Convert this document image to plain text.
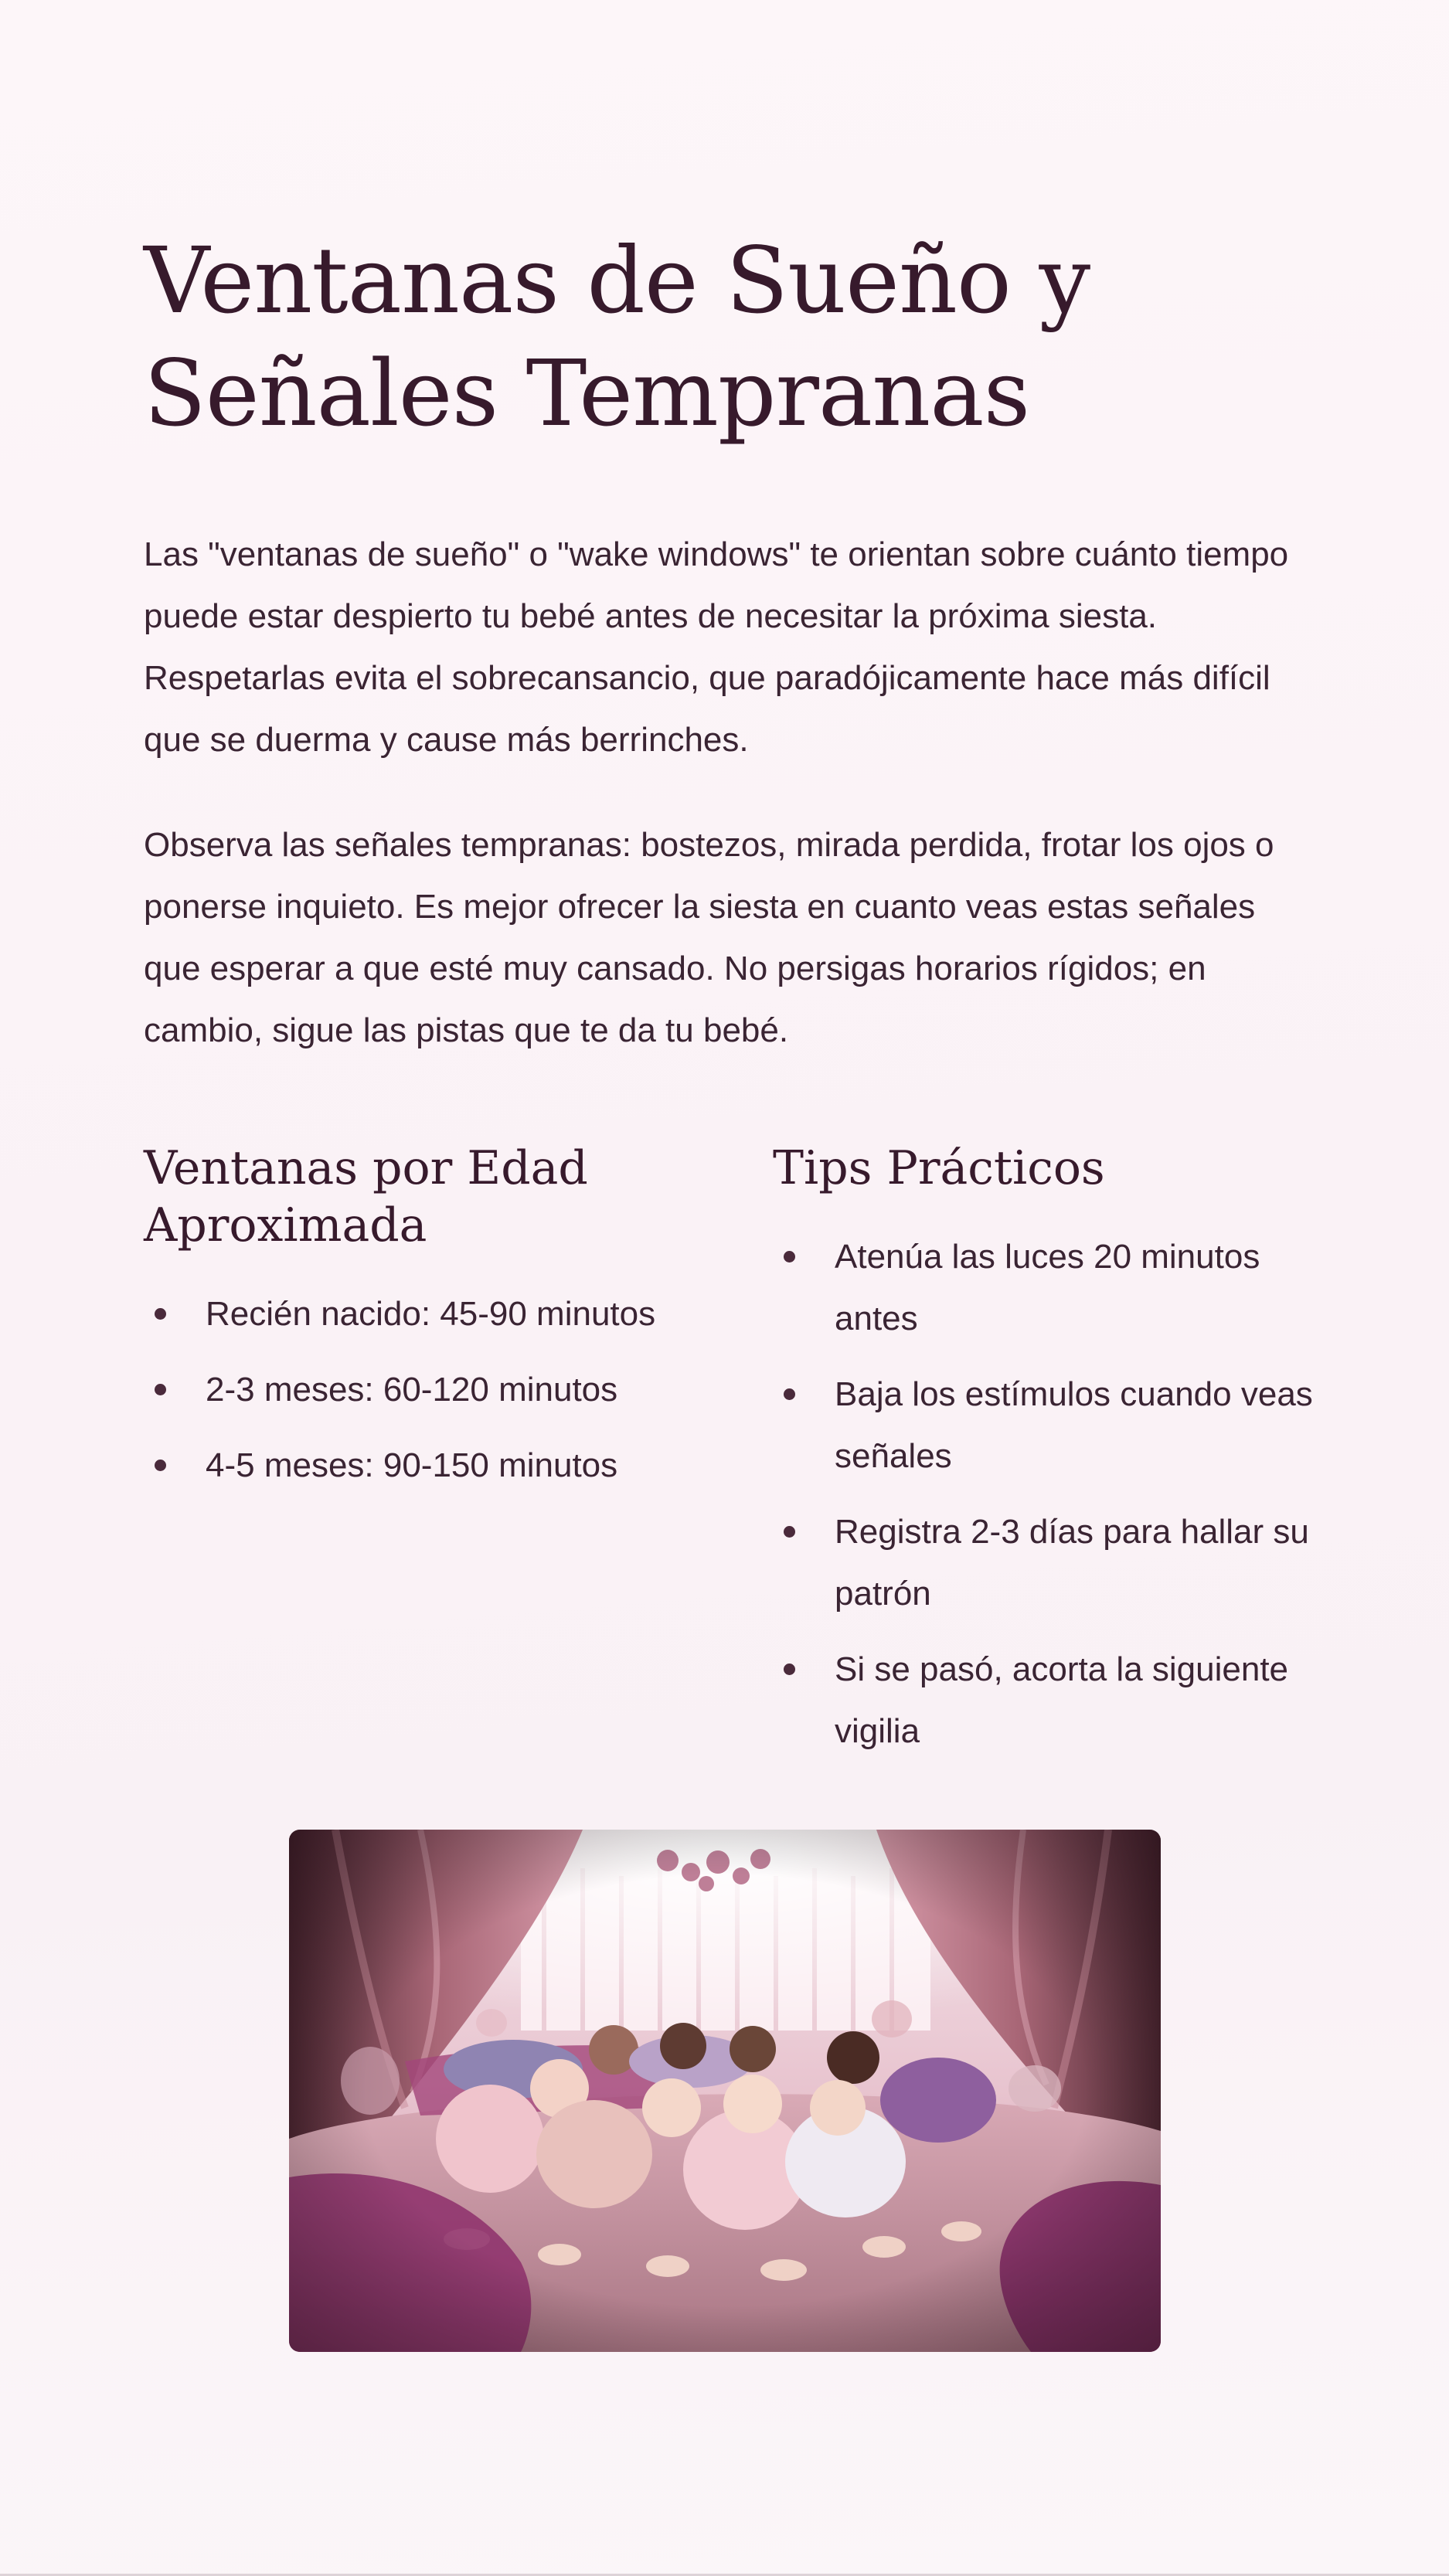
Ventanas de Sueño y Señales Tempranas

Las "ventanas de sueño" o "wake windows" te orientan sobre cuánto tiempo puede estar despierto tu bebé antes de necesitar la próxima siesta. Respetarlas evita el sobrecansancio, que paradójicamente hace más difícil que se duerma y cause más berrinches.

Observa las señales tempranas: bostezos, mirada perdida, frotar los ojos o ponerse inquieto. Es mejor ofrecer la siesta en cuanto veas estas señales que esperar a que esté muy cansado. No persigas horarios rígidos; en cambio, sigue las pistas que te da tu bebé.

Ventanas por Edad Aproximada
Recién nacido: 45-90 minutos
2-3 meses: 60-120 minutos
4-5 meses: 90-150 minutos
Tips Prácticos
Atenúa las luces 20 minutos antes
Baja los estímulos cuando veas señales
Registra 2-3 días para hallar su patrón
Si se pasó, acorta la siguiente vigilia
